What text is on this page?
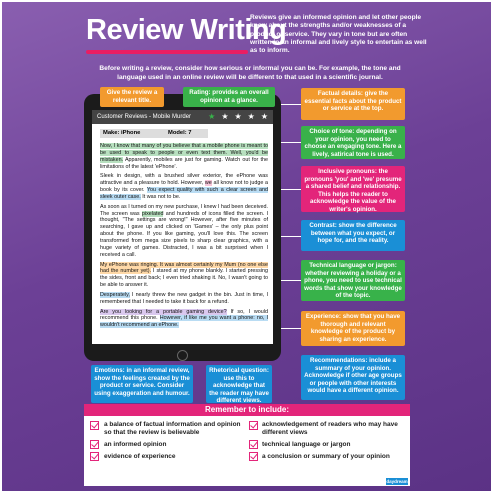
Review Writing
Reviews give an informed opinion and let other people know about the strengths and/or weaknesses of a product or service. They vary in tone but are often written in an informal and lively style to entertain as well as to inform.
Before writing a review, consider how serious or informal you can be. For example, the tone and language used in an online review will be different to that used in a scientific journal.
Customer Reviews - Mobile Murder	★ ★ ★ ★ ★
Make: iPhone	Model: 7

Now, I know that many of you believe that a mobile phone is meant to be used to speak to people or even text them. Well, you'd be mistaken. Apparently, mobiles are just for gaming. Watch out for the limitations of the latest 'ePhone'.

Sleek in design, with a brushed silver exterior, the ePhone was attractive and a pleasure to hold. However, we all know not to judge a book by its cover. You expect quality with such a clear screen and sleek outer case. It was not to be.

As soon as I turned on my new purchase, I knew I had been deceived. The screen was pixelated and hundreds of icons filled the screen. I thought, "The settings are wrong!" However, after five minutes of searching, I gave up and clicked on 'Games' – the only plus point about the phone. If you like gaming, you'll love this. The screen transformed from mega size pixels to sharp clear graphics, with a huge variety of games. Distracted, I was a bit surprised when I received a call.

My ePhone was ringing. It was almost certainly my Mum (no one else had the number yet). I stared at my phone blankly. I started pressing the sides, front and back; I even tried shaking it. No, I wasn't going to be able to answer it.

Desperately, I nearly threw the new gadget in the bin. Just in time, I remembered that I needed to take it back for a refund.

Are you looking for a portable gaming device? If so, I would recommend this phone. However, if like me you want a phone: no, I wouldn't recommend an ePhone.

Give the review a relevant title.
Rating: provides an overall opinion at a glance.
Factual details: give the essential facts about the product or service at the top.
Choice of tone: depending on your opinion, you need to choose an engaging tone. Here a lively, satirical tone is used.
Inclusive pronouns: the pronouns 'you' and 'we' presume a shared belief and relationship. This helps the reader to acknowledge the value of the writer's opinion.
Contrast: show the difference between what you expect, or hope for, and the reality.
Technical language or jargon: whether reviewing a holiday or a phone, you need to use technical words that show your knowledge of the topic.
Experience: show that you have thorough and relevant knowledge of the product by sharing an experience.
Recommendations: include a summary of your opinion. Acknowledge if other age groups or people with other interests would have a different opinion.
Emotions: in an informal review, show the feelings created by the product or service. Consider using exaggeration and humour.
Rhetorical question: use this to acknowledge that the reader may have different views.
Remember to include:
a balance of factual information and opinion so that the review is believable
an informed opinion
evidence of experience
acknowledgement of readers who may have different views
technical language or jargon
a conclusion or summary of your opinion
daydream
